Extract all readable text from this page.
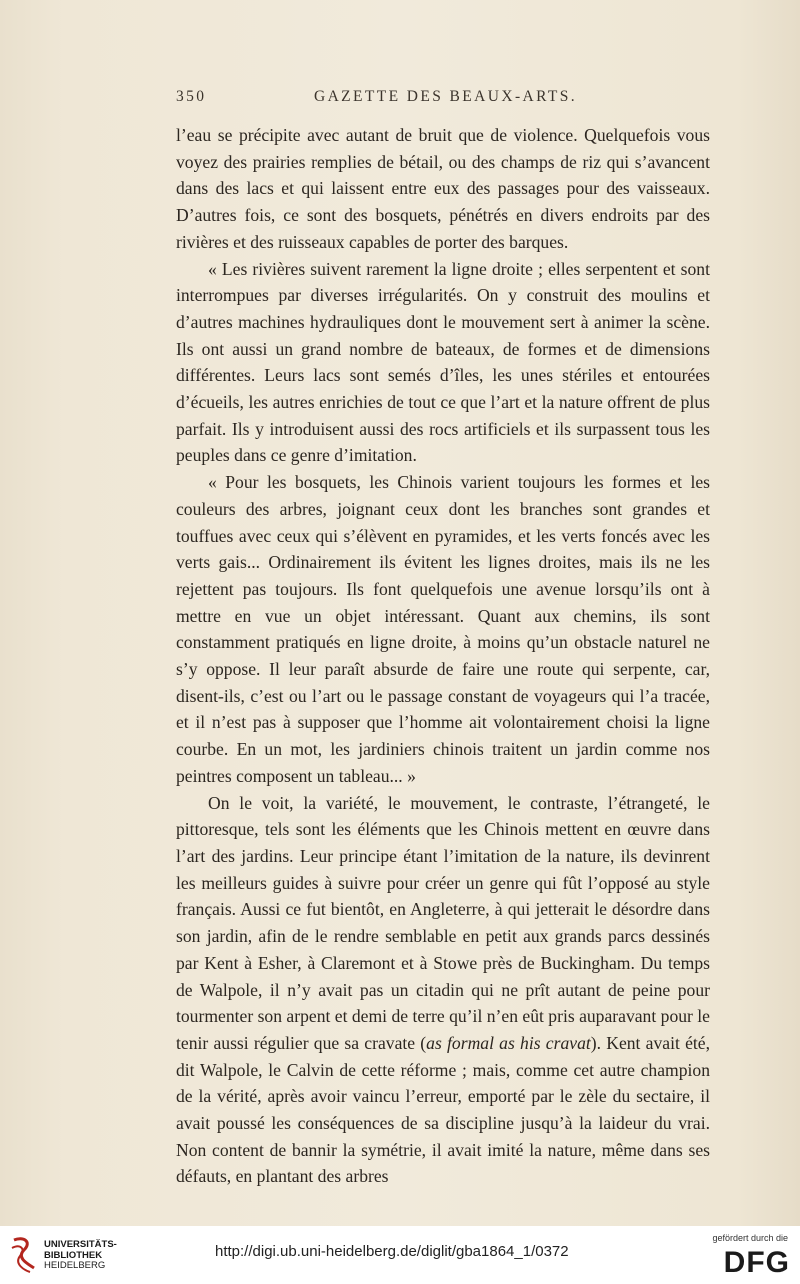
350	GAZETTE DES BEAUX-ARTS.

l’eau se précipite avec autant de bruit que de violence. Quelquefois vous voyez des prairies remplies de bétail, ou des champs de riz qui s’avancent dans des lacs et qui laissent entre eux des passages pour des vaisseaux. D’autres fois, ce sont des bosquets, pénétrés en divers endroits par des rivières et des ruisseaux capables de porter des barques.

« Les rivières suivent rarement la ligne droite ; elles serpentent et sont interrompues par diverses irrégularités. On y construit des moulins et d’autres machines hydrauliques dont le mouvement sert à animer la scène. Ils ont aussi un grand nombre de bateaux, de formes et de dimensions différentes. Leurs lacs sont semés d’îles, les unes stériles et entourées d’écueils, les autres enrichies de tout ce que l’art et la nature offrent de plus parfait. Ils y introduisent aussi des rocs artificiels et ils surpassent tous les peuples dans ce genre d’imitation.

« Pour les bosquets, les Chinois varient toujours les formes et les couleurs des arbres, joignant ceux dont les branches sont grandes et touffues avec ceux qui s’élèvent en pyramides, et les verts foncés avec les verts gais... Ordinairement ils évitent les lignes droites, mais ils ne les rejettent pas toujours. Ils font quelquefois une avenue lorsqu’ils ont à mettre en vue un objet intéressant. Quant aux chemins, ils sont constamment pratiqués en ligne droite, à moins qu’un obstacle naturel ne s’y oppose. Il leur paraît absurde de faire une route qui serpente, car, disent-ils, c’est ou l’art ou le passage constant de voyageurs qui l’a tracée, et il n’est pas à supposer que l’homme ait volontairement choisi la ligne courbe. En un mot, les jardiniers chinois traitent un jardin comme nos peintres composent un tableau... »

On le voit, la variété, le mouvement, le contraste, l’étrangeté, le pittoresque, tels sont les éléments que les Chinois mettent en œuvre dans l’art des jardins. Leur principe étant l’imitation de la nature, ils devinrent les meilleurs guides à suivre pour créer un genre qui fût l’opposé au style français. Aussi ce fut bientôt, en Angleterre, à qui jetterait le désordre dans son jardin, afin de le rendre semblable en petit aux grands parcs dessinés par Kent à Esher, à Claremont et à Stowe près de Buckingham. Du temps de Walpole, il n’y avait pas un citadin qui ne prît autant de peine pour tourmenter son arpent et demi de terre qu’il n’en eût pris auparavant pour le tenir aussi régulier que sa cravate (as formal as his cravat). Kent avait été, dit Walpole, le Calvin de cette réforme ; mais, comme cet autre champion de la vérité, après avoir vaincu l’erreur, emporté par le zèle du sectaire, il avait poussé les conséquences de sa discipline jusqu’à la laideur du vrai. Non content de bannir la symétrie, il avait imité la nature, même dans ses défauts, en plantant des arbres

UNIVERSITÄTS-
BIBLIOTHEK
HEIDELBERG
http://digi.ub.uni-heidelberg.de/diglit/gba1864_1/0372
gefördert durch die
DFG
